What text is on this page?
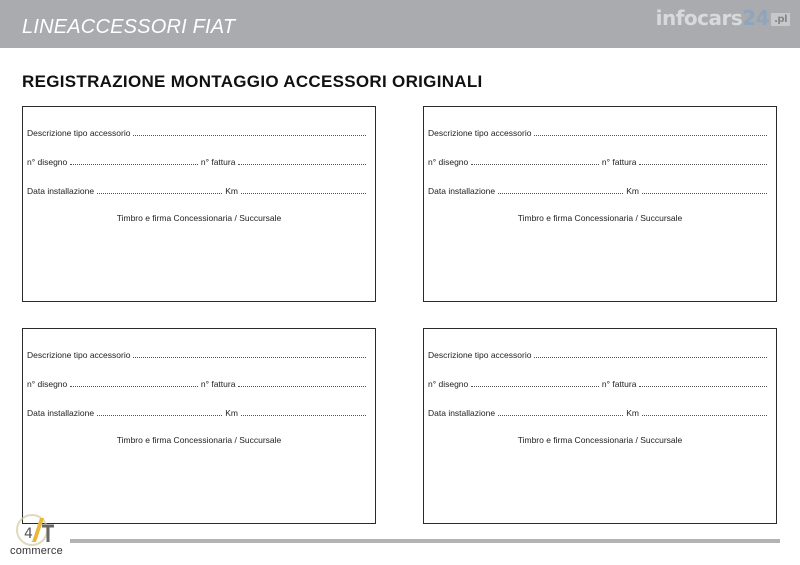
LINEACCESSORI FIAT	infocars24 .pl
REGISTRAZIONE MONTAGGIO ACCESSORI ORIGINALI
Descrizione tipo accessorio
n° disegno	n° fattura
Data installazione	Km
Timbro e firma Concessionaria / Succursale
Descrizione tipo accessorio
n° disegno	n° fattura
Data installazione	Km
Timbro e firma Concessionaria / Succursale
Descrizione tipo accessorio
n° disegno	n° fattura
Data installazione	Km
Timbro e firma Concessionaria / Succursale
Descrizione tipo accessorio
n° disegno	n° fattura
Data installazione	Km
Timbro e firma Concessionaria / Succursale
4
commerce
